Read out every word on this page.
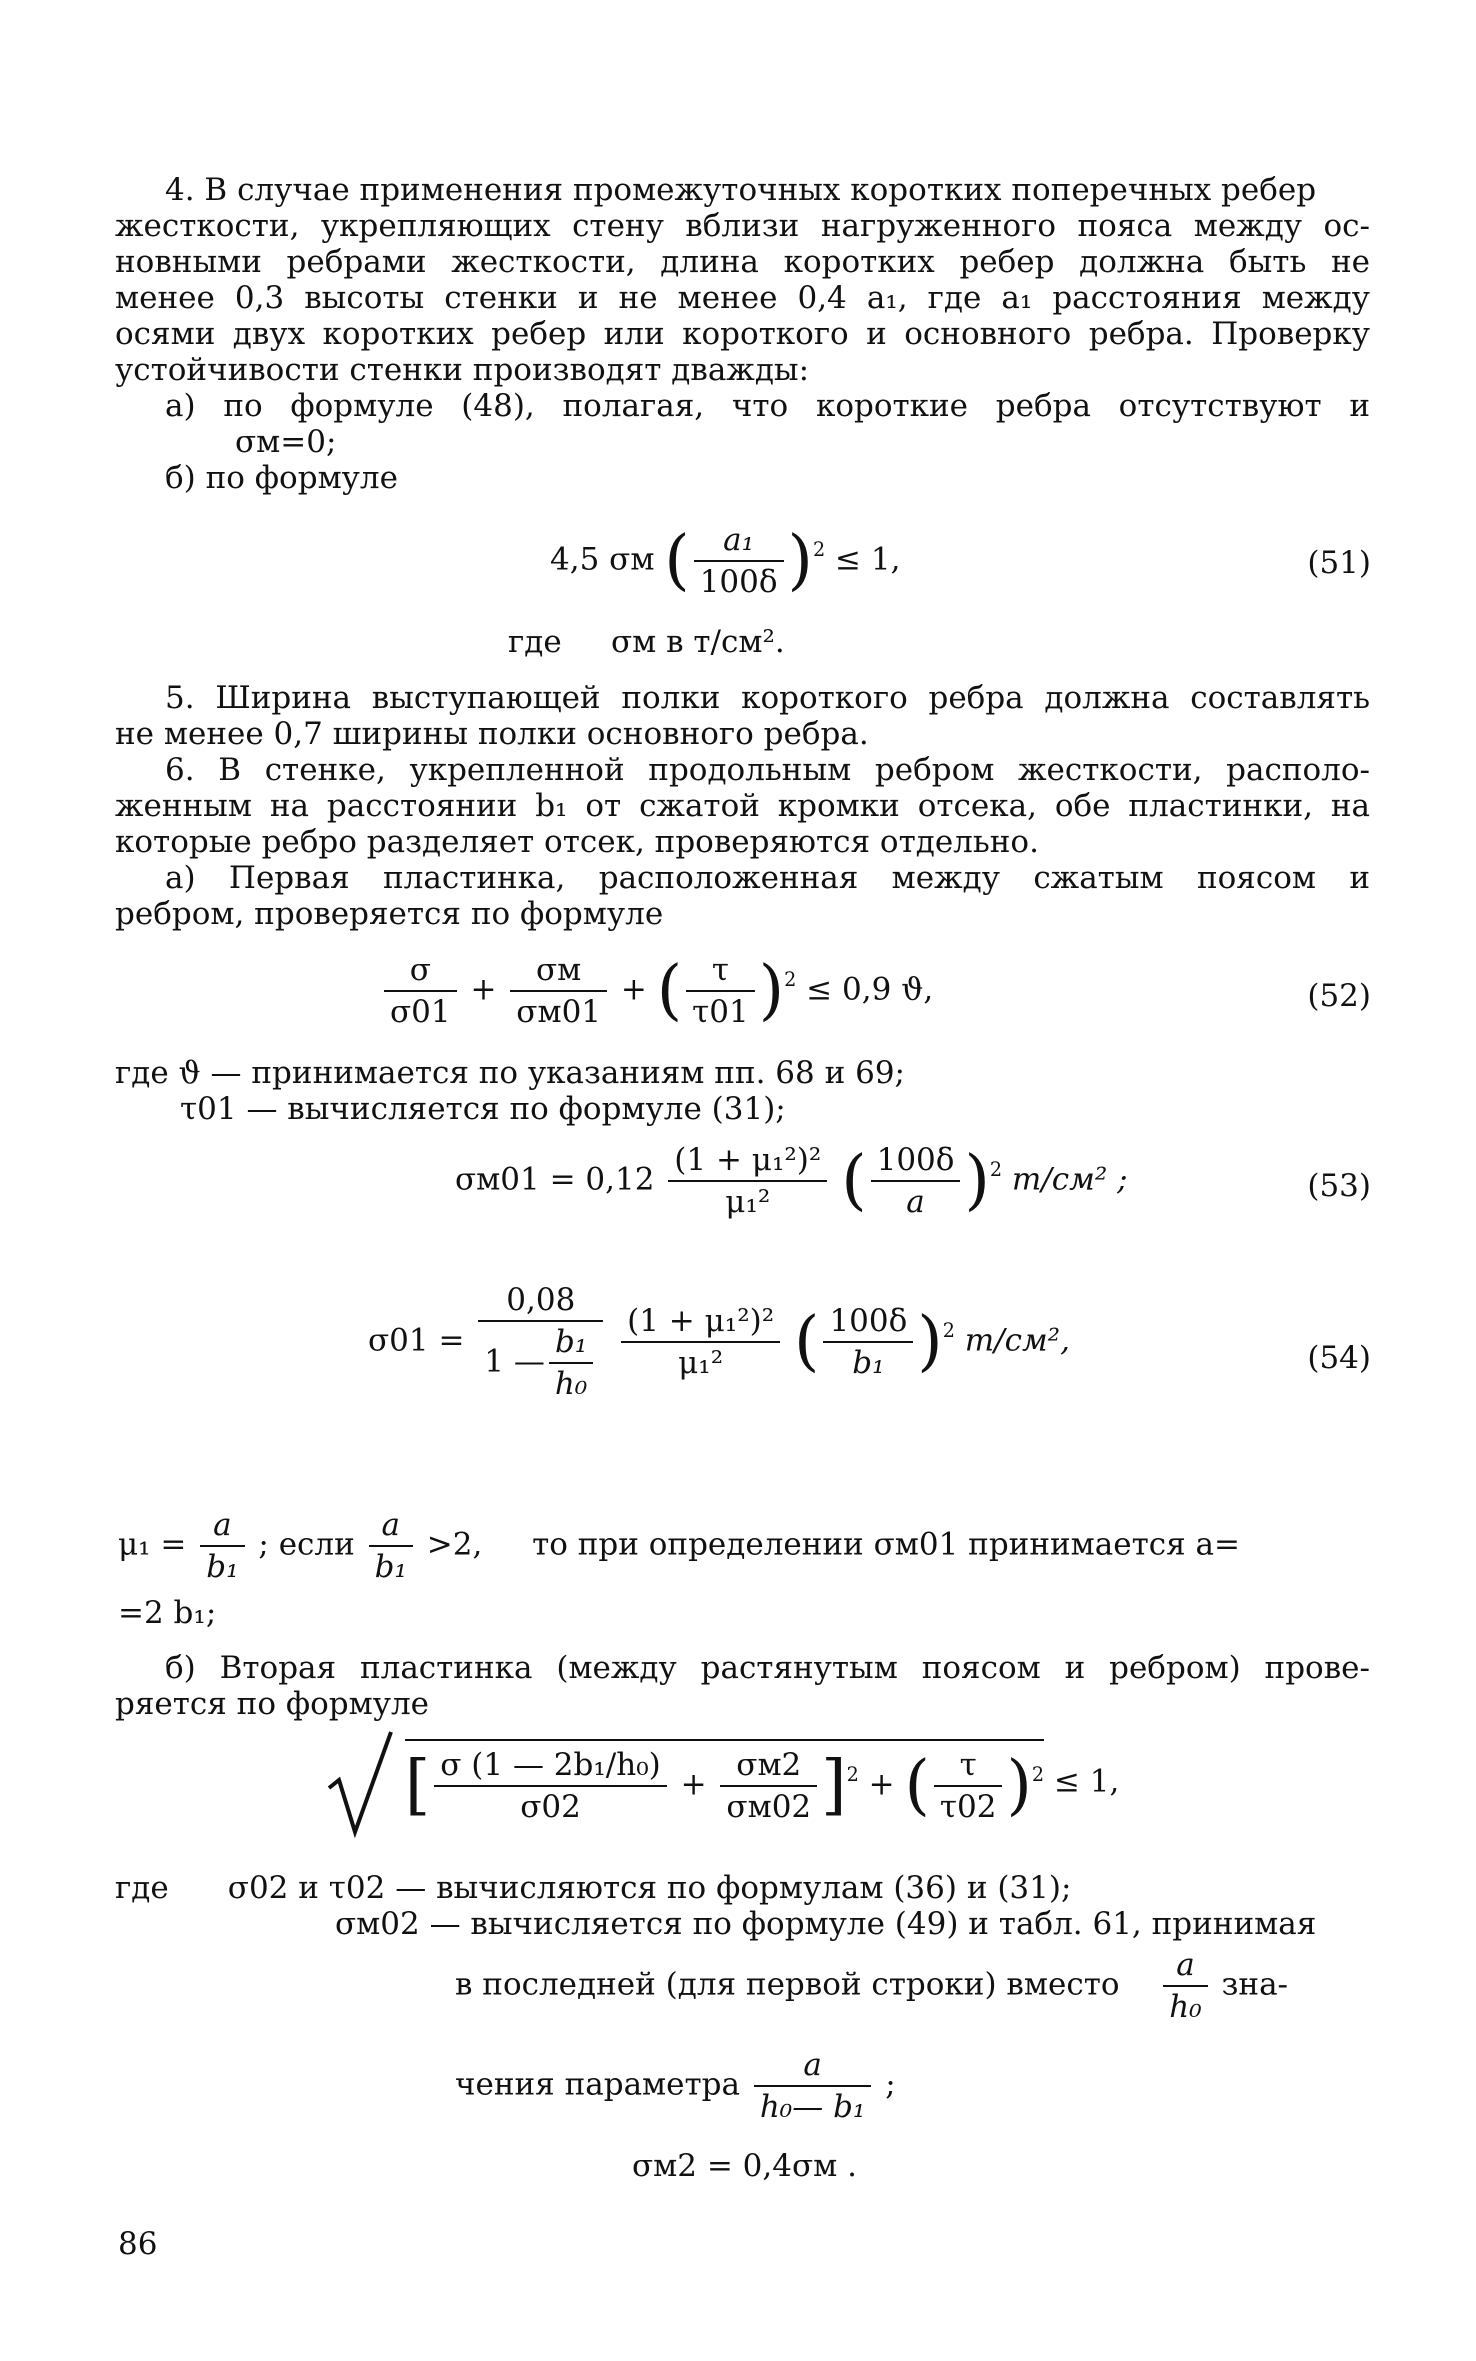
4. В случае применения промежуточных коротких поперечных ребер
жесткости, укрепляющих стену вблизи нагруженного пояса между ос-
новными ребрами жесткости, длина коротких ребер должна быть не
менее 0,3 высоты стенки и не менее 0,4 a₁, где a₁ расстояния между
осями двух коротких ребер или короткого и основного ребра. Проверку
устойчивости стенки производят дважды:
а) по формуле (48), полагая, что короткие ребра отсутствуют и
σм=0;
б) по формуле
4,5 σм ( $\frac{\text{a₁}}{100\delta} )^2 \le 1$,	(51)
где     σм в т/см².
5. Ширина выступающей полки короткого ребра должна составлять
не менее 0,7 ширины полки основного ребра.
6. В стенке, укрепленной продольным ребром жесткости, располо-
женным на расстоянии b₁ от сжатой кромки отсека, обе пластинки, на
которые ребро разделяет отсек, проверяются отдельно.
а) Первая пластинка, расположенная между сжатым поясом и
ребром, проверяется по формуле
$\frac{\sigma}{\sigma 01} + \frac{\sigma м}{\sigma м01}$ + ( $\frac{\tau}{\tau 01} )^2 \le 0,9$ ϑ,	(52)
где ϑ — принимается по указаниям пп. 68 и 69;
τ01 — вычисляется по формуле (31);
$\sigma м01 = 0,12 \frac{\text{(1 + μ₁²)²}}{\text{μ₁²}}$ ( $\frac{100\delta}{a} )^2$ т/см² ;	(53)
$\sigma 01 = \frac{0,08}{1 — \frac{\text{b₁}}{\text{h₀}}}$
$\frac{\text{(1 + μ₁²)²}}{\text{μ₁²}}$ ( $\frac{100\delta}{\text{b₁}} )^2$ т/см²,	(54)
$\mu_1 = \frac{a}{\text{b₁}}$ ; если $\frac{a}{\text{b₁}} >2$, то при определении σм01 принимается a=
=2 b₁;
б) Вторая пластинка (между растянутым поясом и ребром) прове-
ряется по формуле
[ $\frac{\text{σ (1 — 2b₁/h₀)}}{\sigma 02} + \frac{\sigma м2}{\sigma м02} ]^2$ + ( $\frac{\tau}{\tau 02} )^2 \le 1$,
где      σ02 и τ02 — вычисляются по формулам (36) и (31);
σм02 — вычисляется по формуле (49) и табл. 61, принимая
в последней (для первой строки) вместо $\frac{a}{\text{h₀}} зна-$
чения параметра $\frac{a}{\text{h₀— b₁}}$ ;
σм2 = 0,4σм .
86
